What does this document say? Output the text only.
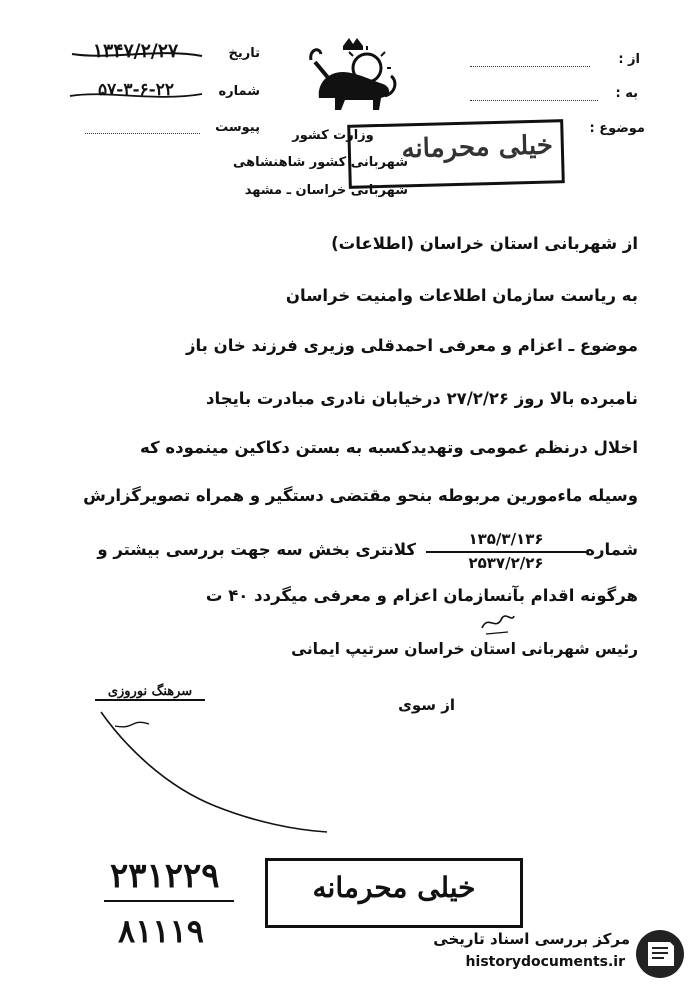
از :
به :
موضوع :
تاریخ
۱۳۴۷/۲/۲۷
شماره
۵۷-۳-۶-۲۲
پیوست
وزارت کشور
شهربانی کشور شاهنشاهی
شهربانی خراسان ـ مشهد
خیلی محرمانه
از شهربانی استان خراسان (اطلاعات)
به ریاست سازمان اطلاعات وامنیت خراسان
موضوع ـ اعزام و معرفی احمدقلی وزیری فرزند خان باز
نامبرده بالا روز ۲۷/۲/۲۶ درخیابان نادری مبادرت بایجاد
اخلال درنظم عمومی وتهدیدکسبه به بستن دکاکین مینموده که
وسیله ماءمورین مربوطه بنحو مقتضی دستگیر و همراه تصویرگزارش
شماره
۱۳۵/۳/۱۳۶
۲۵۳۷/۲/۲۶
کلانتری بخش سه جهت بررسی بیشتر و
هرگونه اقدام بآنسازمان اعزام و معرفی میگردد ۴۰ ت
رئیس شهربانی استان خراسان سرتیپ ایمانی
سرهنگ نوروزی
از سوی
۲۳۱۲۲۹
۸۱۱۱۹
خیلی محرمانه
مرکز بررسی اسناد تاریخی
historydocuments.ir
